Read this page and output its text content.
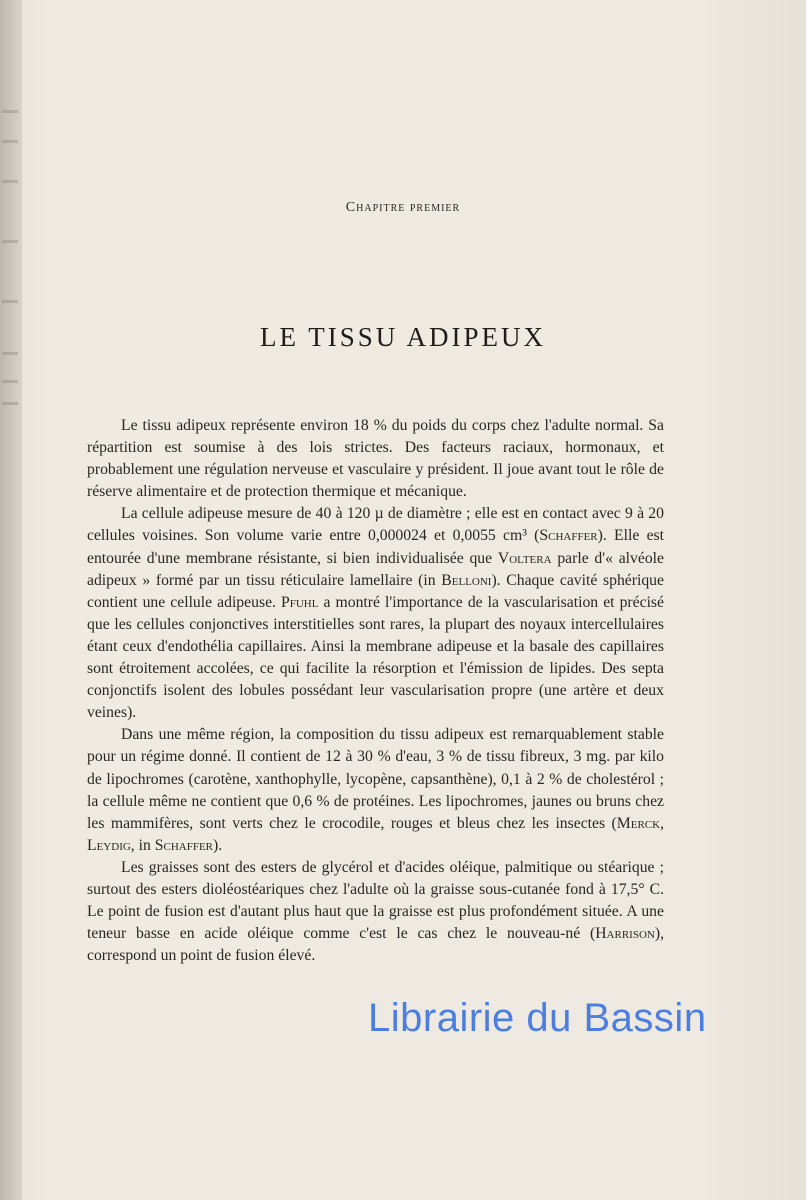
Chapitre premier
LE TISSU ADIPEUX

Le tissu adipeux représente environ 18 % du poids du corps chez l'adulte normal. Sa répartition est soumise à des lois strictes. Des facteurs raciaux, hormonaux, et probablement une régulation nerveuse et vasculaire y président. Il joue avant tout le rôle de réserve alimentaire et de protection thermique et mécanique.

La cellule adipeuse mesure de 40 à 120 µ de diamètre ; elle est en contact avec 9 à 20 cellules voisines. Son volume varie entre 0,000024 et 0,0055 cm³ (Schaffer). Elle est entourée d'une membrane résistante, si bien individualisée que Voltera parle d'« alvéole adipeux » formé par un tissu réticulaire lamellaire (in Belloni). Chaque cavité sphérique contient une cellule adipeuse. Pfuhl a montré l'importance de la vascularisation et précisé que les cellules conjonctives interstitielles sont rares, la plupart des noyaux intercellulaires étant ceux d'endothélia capillaires. Ainsi la membrane adipeuse et la basale des capillaires sont étroitement accolées, ce qui facilite la résorption et l'émission de lipides. Des septa conjonctifs isolent des lobules possédant leur vascularisation propre (une artère et deux veines).

Dans une même région, la composition du tissu adipeux est remarquablement stable pour un régime donné. Il contient de 12 à 30 % d'eau, 3 % de tissu fibreux, 3 mg. par kilo de lipochromes (carotène, xanthophylle, lycopène, capsanthène), 0,1 à 2 % de cholestérol ; la cellule même ne contient que 0,6 % de protéines. Les lipochromes, jaunes ou bruns chez les mammifères, sont verts chez le crocodile, rouges et bleus chez les insectes (Merck, Leydig, in Schaffer).

Les graisses sont des esters de glycérol et d'acides oléique, palmitique ou stéarique ; surtout des esters dioléostéariques chez l'adulte où la graisse sous-cutanée fond à 17,5° C. Le point de fusion est d'autant plus haut que la graisse est plus profondément située. A une teneur basse en acide oléique comme c'est le cas chez le nouveau-né (Harrison), correspond un point de fusion élevé.

Librairie du Bassin
